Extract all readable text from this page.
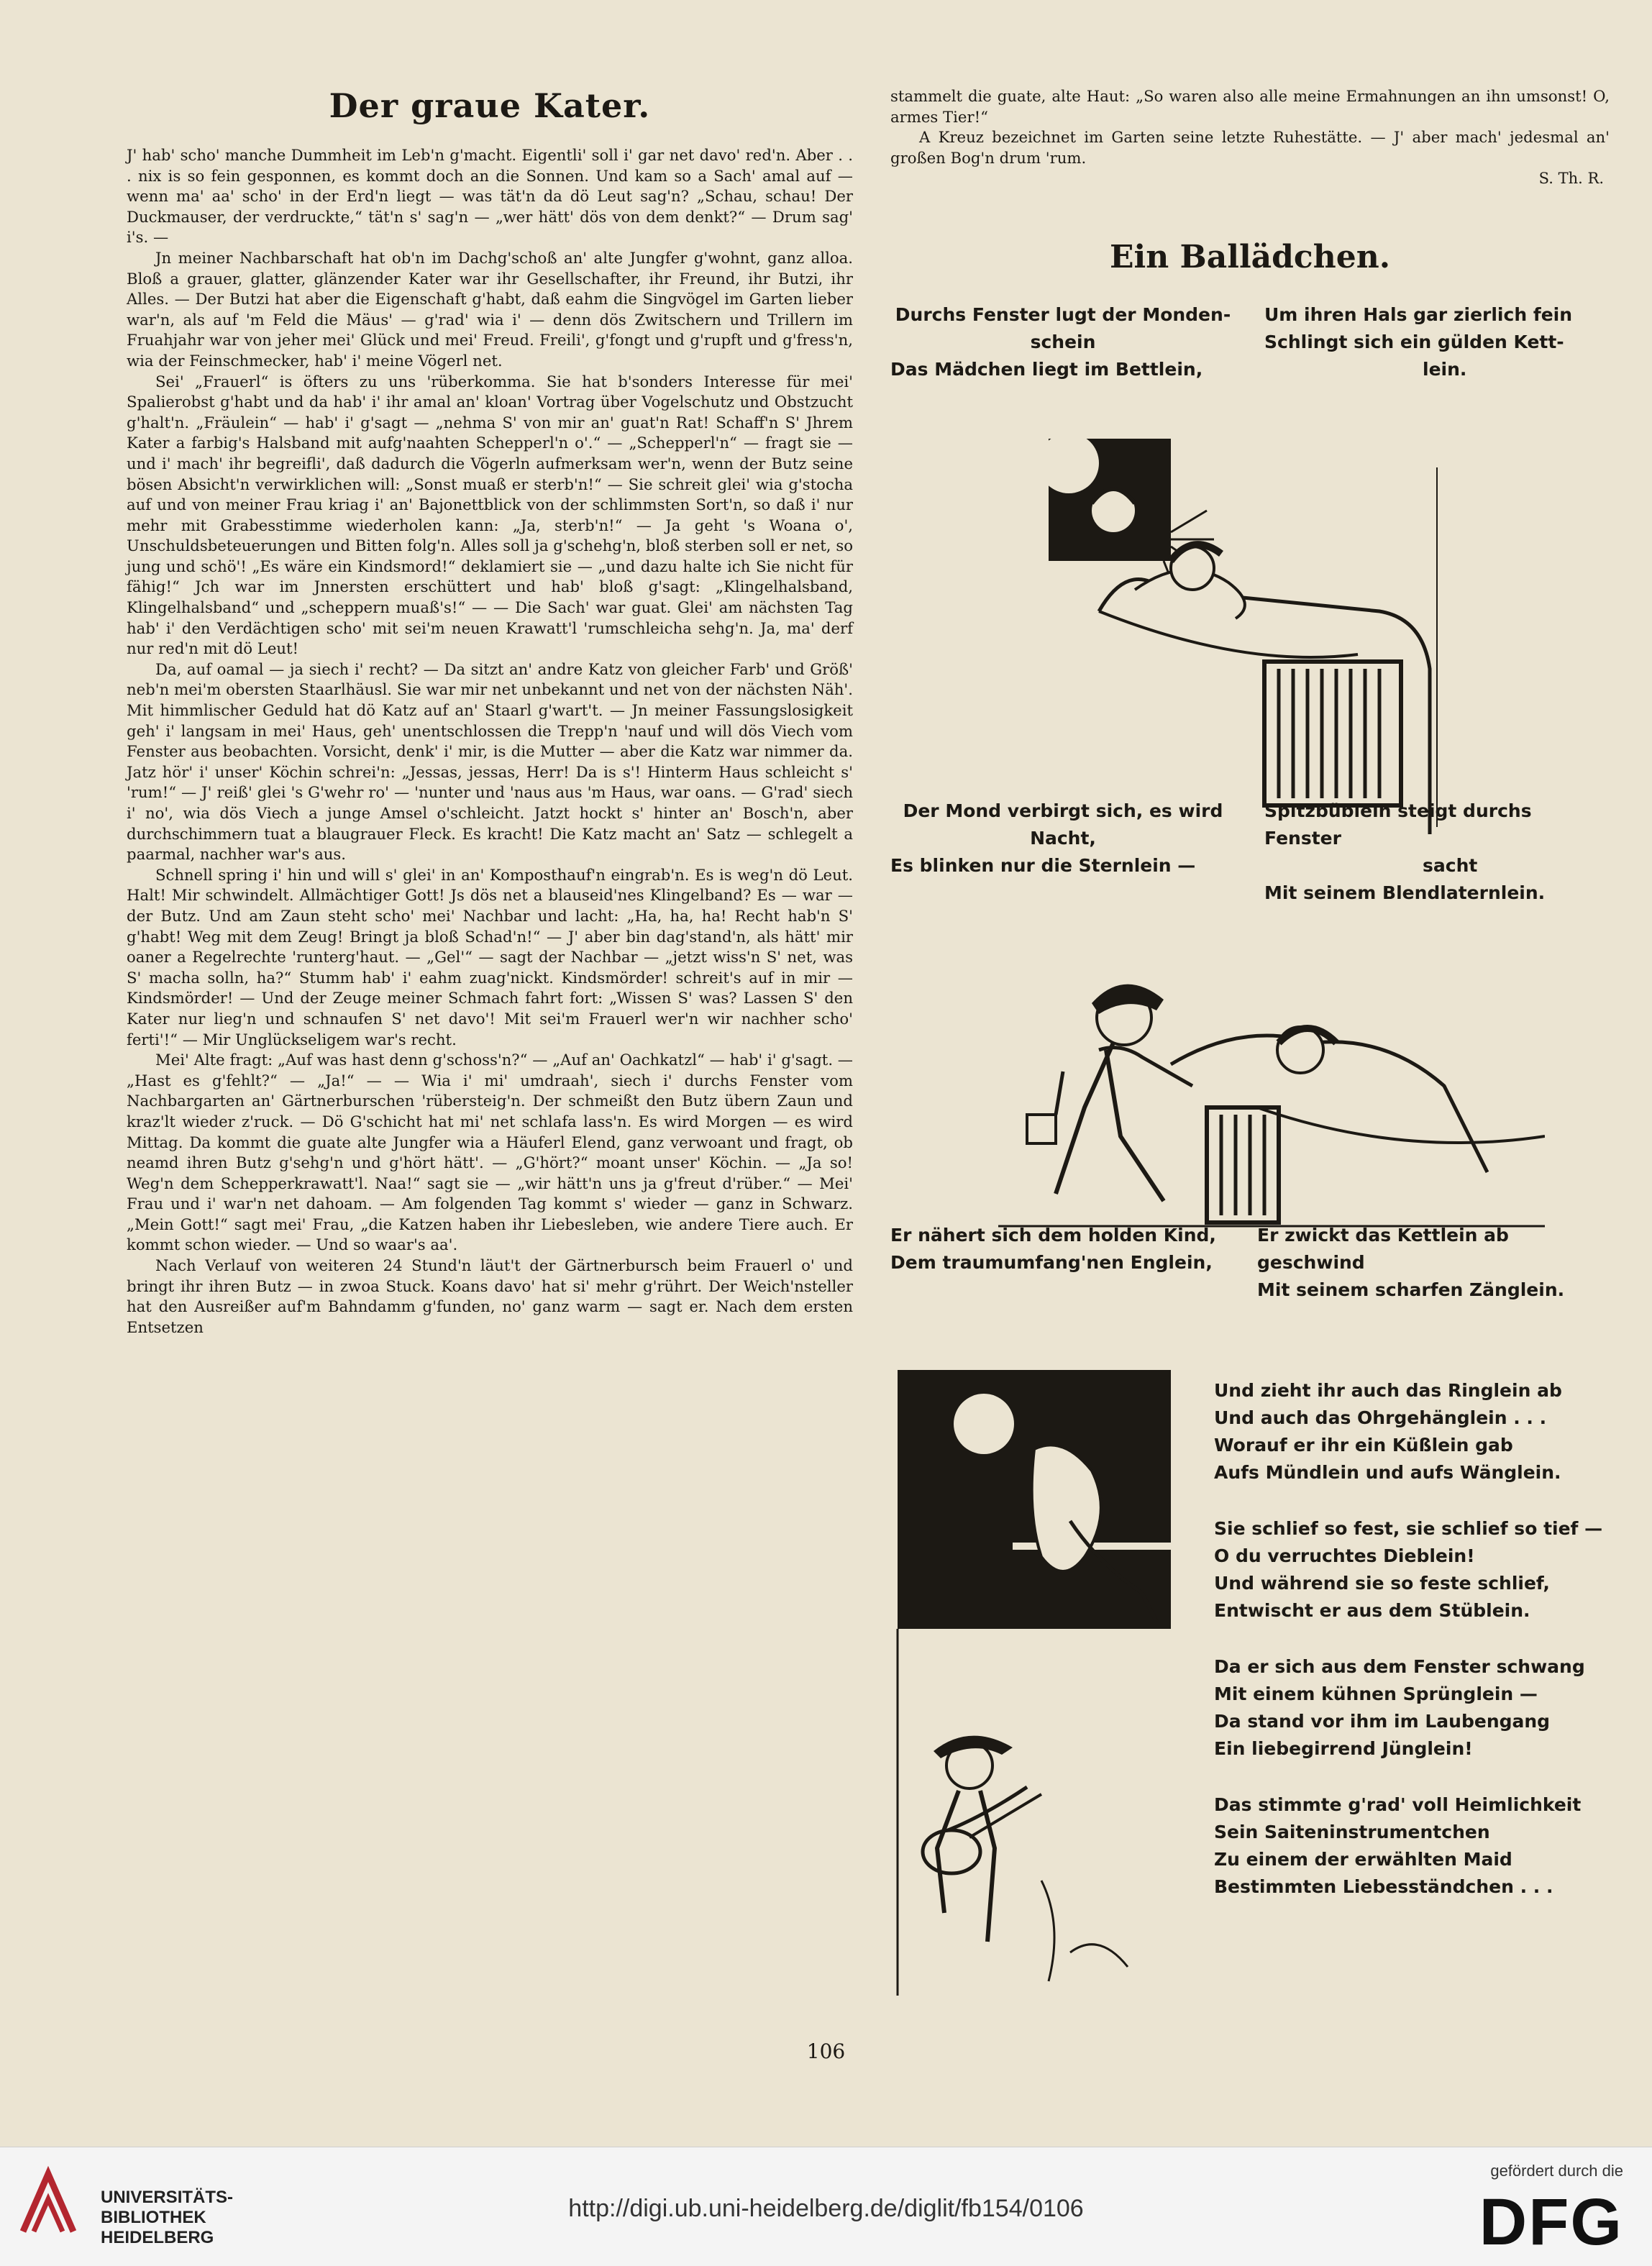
Der graue Kater.

J' hab' scho' manche Dummheit im Leb'n g'macht. Eigentli' soll i' gar net davo' red'n. Aber . . . nix is so fein gesponnen, es kommt doch an die Sonnen. Und kam so a Sach' amal auf — wenn ma' aa' scho' in der Erd'n liegt — was tät'n da dö Leut sag'n? „Schau, schau! Der Duckmauser, der verdruckte,“ tät'n s' sag'n — „wer hätt' dös von dem denkt?“ — Drum sag' i's. —

Jn meiner Nachbarschaft hat ob'n im Dachg'schoß an' alte Jungfer g'wohnt, ganz alloa. Bloß a grauer, glatter, glänzender Kater war ihr Gesellschafter, ihr Freund, ihr Butzi, ihr Alles. — Der Butzi hat aber die Eigenschaft g'habt, daß eahm die Singvögel im Garten lieber war'n, als auf 'm Feld die Mäus' — g'rad' wia i' — denn dös Zwitschern und Trillern im Fruahjahr war von jeher mei' Glück und mei' Freud. Freili', g'fongt und g'rupft und g'fress'n, wia der Feinschmecker, hab' i' meine Vögerl net.

Sei' „Frauerl“ is öfters zu uns 'rüberkomma. Sie hat b'sonders Interesse für mei' Spalierobst g'habt und da hab' i' ihr amal an' kloan' Vortrag über Vogelschutz und Obstzucht g'halt'n. „Fräulein“ — hab' i' g'sagt — „nehma S' von mir an' guat'n Rat! Schaff'n S' Jhrem Kater a farbig's Halsband mit aufg'naahten Schepperl'n o'.“ — „Schepperl'n“ — fragt sie — und i' mach' ihr begreifli', daß dadurch die Vögerln aufmerksam wer'n, wenn der Butz seine bösen Absicht'n verwirklichen will: „Sonst muaß er sterb'n!“ — Sie schreit glei' wia g'stocha auf und von meiner Frau kriag i' an' Bajonettblick von der schlimmsten Sort'n, so daß i' nur mehr mit Grabesstimme wiederholen kann: „Ja, sterb'n!“ — Ja geht 's Woana o', Unschuldsbeteuerungen und Bitten folg'n. Alles soll ja g'schehg'n, bloß sterben soll er net, so jung und schö'! „Es wäre ein Kindsmord!“ deklamiert sie — „und dazu halte ich Sie nicht für fähig!“ Jch war im Jnnersten erschüttert und hab' bloß g'sagt: „Klingelhalsband, Klingelhalsband“ und „scheppern muaß's!“ — — Die Sach' war guat. Glei' am nächsten Tag hab' i' den Verdächtigen scho' mit sei'm neuen Krawatt'l 'rumschleicha sehg'n. Ja, ma' derf nur red'n mit dö Leut!

Da, auf oamal — ja siech i' recht? — Da sitzt an' andre Katz von gleicher Farb' und Größ' neb'n mei'm obersten Staarlhäusl. Sie war mir net unbekannt und net von der nächsten Näh'. Mit himmlischer Geduld hat dö Katz auf an' Staarl g'wart't. — Jn meiner Fassungslosigkeit geh' i' langsam in mei' Haus, geh' unentschlossen die Trepp'n 'nauf und will dös Viech vom Fenster aus beobachten. Vorsicht, denk' i' mir, is die Mutter — aber die Katz war nimmer da. Jatz hör' i' unser' Köchin schrei'n: „Jessas, jessas, Herr! Da is s'! Hinterm Haus schleicht s' 'rum!“ — J' reiß' glei 's G'wehr ro' — 'nunter und 'naus aus 'm Haus, war oans. — G'rad' siech i' no', wia dös Viech a junge Amsel o'schleicht. Jatzt hockt s' hinter an' Bosch'n, aber durchschimmern tuat a blaugrauer Fleck. Es kracht! Die Katz macht an' Satz — schlegelt a paarmal, nachher war's aus.

Schnell spring i' hin und will s' glei' in an' Komposthauf'n eingrab'n. Es is weg'n dö Leut. Halt! Mir schwindelt. Allmächtiger Gott! Js dös net a blauseid'nes Klingelband? Es — war — der Butz. Und am Zaun steht scho' mei' Nachbar und lacht: „Ha, ha, ha! Recht hab'n S' g'habt! Weg mit dem Zeug! Bringt ja bloß Schad'n!“ — J' aber bin dag'stand'n, als hätt' mir oaner a Regelrechte 'runterg'haut. — „Gel'“ — sagt der Nachbar — „jetzt wiss'n S' net, was S' macha solln, ha?“ Stumm hab' i' eahm zuag'nickt. Kindsmörder! schreit's auf in mir — Kindsmörder! — Und der Zeuge meiner Schmach fahrt fort: „Wissen S' was? Lassen S' den Kater nur lieg'n und schnaufen S' net davo'! Mit sei'm Frauerl wer'n wir nachher scho' ferti'!“ — Mir Unglückseligem war's recht.

Mei' Alte fragt: „Auf was hast denn g'schoss'n?“ — „Auf an' Oachkatzl“ — hab' i' g'sagt. — „Hast es g'fehlt?“ — „Ja!“ — — Wia i' mi' umdraah', siech i' durchs Fenster vom Nachbargarten an' Gärtnerburschen 'rübersteig'n. Der schmeißt den Butz übern Zaun und kraz'lt wieder z'ruck. — Dö G'schicht hat mi' net schlafa lass'n. Es wird Morgen — es wird Mittag. Da kommt die guate alte Jungfer wia a Häuferl Elend, ganz verwoant und fragt, ob neamd ihren Butz g'sehg'n und g'hört hätt'. — „G'hört?“ moant unser' Köchin. — „Ja so! Weg'n dem Schepperkrawatt'l. Naa!“ sagt sie — „wir hätt'n uns ja g'freut d'rüber.“ — Mei' Frau und i' war'n net dahoam. — Am folgenden Tag kommt s' wieder — ganz in Schwarz. „Mein Gott!“ sagt mei' Frau, „die Katzen haben ihr Liebesleben, wie andere Tiere auch. Er kommt schon wieder. — Und so waar's aa'.

Nach Verlauf von weiteren 24 Stund'n läut't der Gärtnerbursch beim Frauerl o' und bringt ihr ihren Butz — in zwoa Stuck. Koans davo' hat si' mehr g'rührt. Der Weich'nsteller hat den Ausreißer auf'm Bahndamm g'funden, no' ganz warm — sagt er. Nach dem ersten Entsetzen

stammelt die guate, alte Haut: „So waren also alle meine Ermahnungen an ihn umsonst! O, armes Tier!“

A Kreuz bezeichnet im Garten seine letzte Ruhestätte. — J' aber mach' jedesmal an' großen Bog'n drum 'rum.

S. Th. R.
Ein Ballädchen.
Durchs Fenster lugt der Monden-
schein
Das Mädchen liegt im Bettlein,
Um ihren Hals gar zierlich fein
Schlingt sich ein gülden Kett-
lein.
Der Mond verbirgt sich, es wird
Nacht,
Es blinken nur die Sternlein —
Spitzbüblein steigt durchs Fenster
sacht
Mit seinem Blendlaternlein.
Er nähert sich dem holden Kind,
Dem traumumfang'nen Englein,
Er zwickt das Kettlein ab geschwind
Mit seinem scharfen Zänglein.
Und zieht ihr auch das Ringlein ab
Und auch das Ohrgehänglein . . .
Worauf er ihr ein Küßlein gab
Aufs Mündlein und aufs Wänglein.
Sie schlief so fest, sie schlief so tief —
O du verruchtes Dieblein!
Und während sie so feste schlief,
Entwischt er aus dem Stüblein.
Da er sich aus dem Fenster schwang
Mit einem kühnen Sprünglein —
Da stand vor ihm im Laubengang
Ein liebegirrend Jünglein!
Das stimmte g'rad' voll Heimlichkeit
Sein Saiteninstrumentchen
Zu einem der erwählten Maid
Bestimmten Liebesständchen . . .
106
UNIVERSITÄTS-
BIBLIOTHEK
HEIDELBERG
http://digi.ub.uni-heidelberg.de/diglit/fb154/0106
gefördert durch die
DFG
